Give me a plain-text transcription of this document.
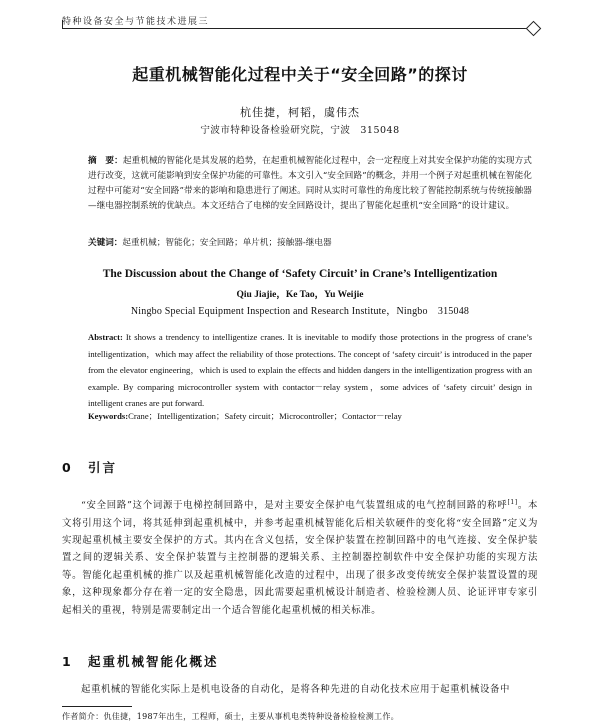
特种设备安全与节能技术进展三
起重机械智能化过程中关于“安全回路”的探讨
杭佳捷，柯韬，虞伟杰
宁波市特种设备检验研究院，宁波　315048
摘　要：起重机械的智能化是其发展的趋势，在起重机械智能化过程中，会一定程度上对其安全保护功能的实现方式进行改变，这就可能影响到安全保护功能的可靠性。本文引入“安全回路”的概念，并用一个例子对起重机械在智能化过程中可能对“安全回路”带来的影响和隐患进行了阐述。同时从实时可靠性的角度比较了智能控制系统与传统接触器—继电器控制系统的优缺点。本文还结合了电梯的安全回路设计，提出了智能化起重机“安全回路”的设计建议。
关键词：起重机械；智能化；安全回路；单片机；接触器-继电器
The Discussion about the Change of ‘Safety Circuit’ in Crane’s Intelligentization
Qiu Jiajie，Ke Tao，Yu Weijie
Ningbo Special Equipment Inspection and Research Institute，Ningbo　315048
Abstract: It shows a trendency to intelligentize cranes. It is inevitable to modify those protections in the progress of crane’s intelligentization，which may affect the reliability of those protections. The concept of ‘safety circuit’ is introduced in the paper from the elevator engineering，which is used to explain the effects and hidden dangers in the intelligentization progress with an example. By comparing microcontroller system with contactor－relay system，some advices of ‘safety circuit’ design in intelligent cranes are put forward.
Keywords:Crane；Intelligentization；Safety circuit；Microcontroller；Contactor－relay
0 引言
“安全回路”这个词源于电梯控制回路中，是对主要安全保护电气装置组成的电气控制回路的称呼[1]。本文将引用这个词，将其延伸到起重机械中，并参考起重机械智能化后相关软硬件的变化将“安全回路”定义为实现起重机械主要安全保护的方式。其内在含义包括，安全保护装置在控制回路中的电气连接、安全保护装置之间的逻辑关系、安全保护装置与主控制器的逻辑关系、主控制器控制软件中安全保护功能的实现方法等。智能化起重机械的推广以及起重机械智能化改造的过程中，出现了很多改变传统安全保护装置设置的现象，这种现象都分存在着一定的安全隐患，因此需要起重机械设计制造者、检验检测人员、论证评审专家引起相关的重视，特别是需要制定出一个适合智能化起重机械的相关标准。
1 起重机械智能化概述
起重机械的智能化实际上是机电设备的自动化，是将各种先进的自动化技术应用于起重机械设备中
作者简介：仇佳捷，1987年出生，工程师，硕士，主要从事机电类特种设备检验检测工作。
